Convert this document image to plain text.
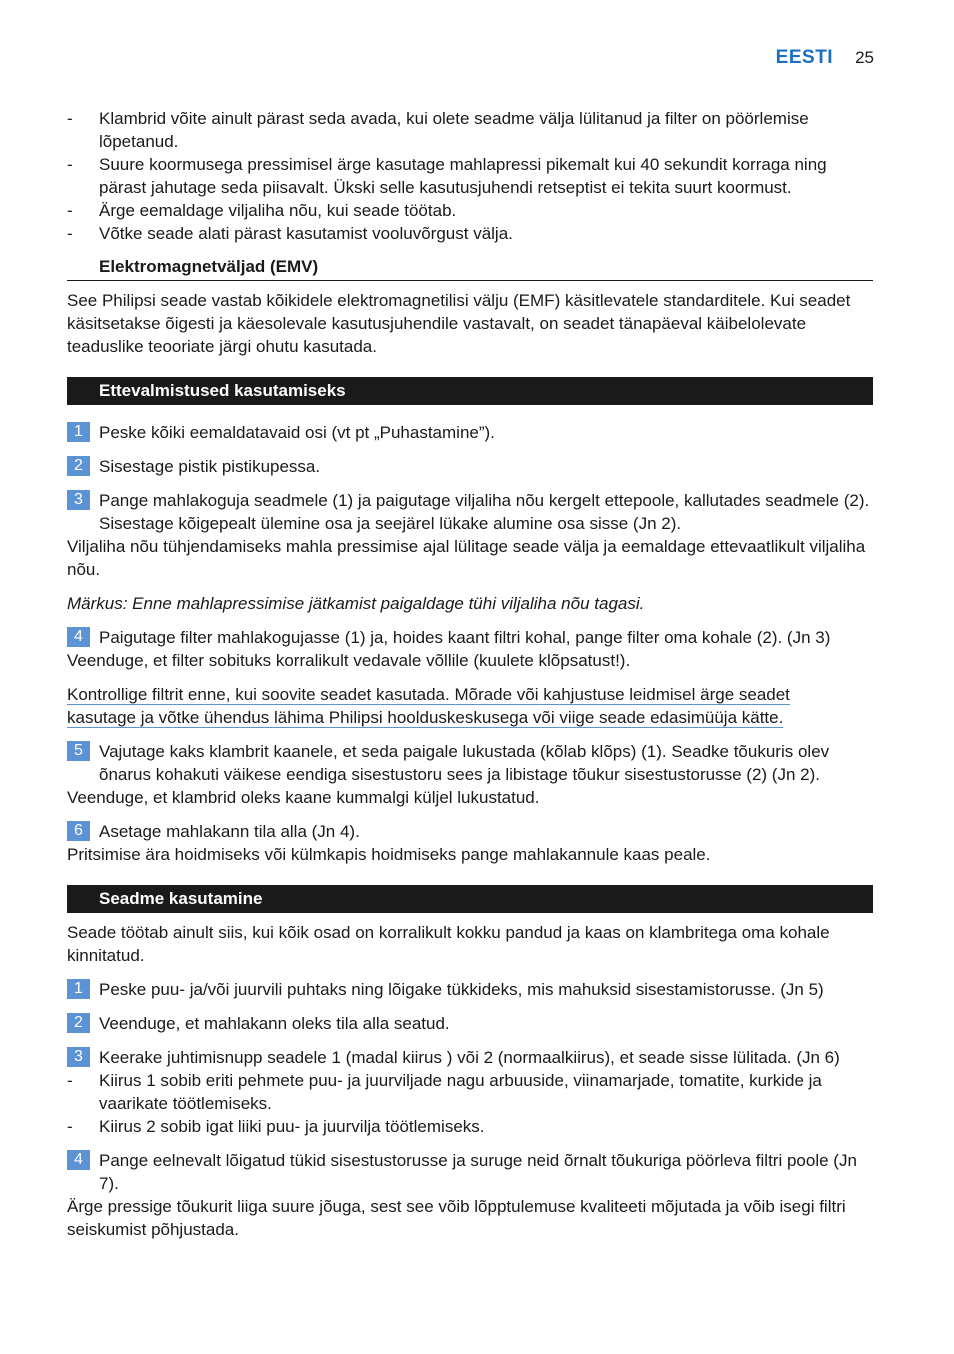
EESTI 25
- Klambrid võite ainult pärast seda avada, kui olete seadme välja lülitanud ja filter on pöörlemise lõpetanud.
- Suure koormusega pressimisel ärge kasutage mahlapressi pikemalt kui 40 sekundit korraga ning pärast jahutage seda piisavalt. Ükski selle kasutusjuhendi retseptist ei tekita suurt koormust.
- Ärge eemaldage viljaliha nõu, kui seade töötab.
- Võtke seade alati pärast kasutamist vooluvõrgust välja.
Elektromagnetväljad (EMV)
See Philipsi seade vastab kõikidele elektromagnetilisi välju (EMF) käsitlevatele standarditele. Kui seadet käsitsetakse õigesti ja käesolevale kasutusjuhendile vastavalt, on seadet tänapäeval käibelolevate teaduslike teooriate järgi ohutu kasutada.
Ettevalmistused kasutamiseks
1 Peske kõiki eemaldatavaid osi (vt pt „Puhastamine”).
2 Sisestage pistik pistikupessa.
3 Pange mahlakoguja seadmele (1) ja paigutage viljaliha nõu kergelt ettepoole, kallutades seadmele (2). Sisestage kõigepealt ülemine osa ja seejärel lükake alumine osa sisse (Jn 2).
Viljaliha nõu tühjendamiseks mahla pressimise ajal lülitage seade välja ja eemaldage ettevaatlikult viljaliha nõu.
Märkus: Enne mahlapressimise jätkamist paigaldage tühi viljaliha nõu tagasi.
4 Paigutage filter mahlakogujasse (1) ja, hoides kaant filtri kohal, pange filter oma kohale (2). (Jn 3)
Veenduge, et filter sobituks korralikult vedavale võllile (kuulete klõpsatust!).
Kontrollige filtrit enne, kui soovite seadet kasutada. Mõrade või kahjustuse leidmisel ärge seadet
kasutage ja võtke ühendus lähima Philipsi hoolduskeskusega või viige seade edasimüüja kätte.
5 Vajutage kaks klambrit kaanele, et seda paigale lukustada (kõlab klõps) (1). Seadke tõukuris olev õnarus kohakuti väikese eendiga sisestustoru sees ja libistage tõukur sisestustorusse (2) (Jn 2).
Veenduge, et klambrid oleks kaane kummalgi küljel lukustatud.
6 Asetage mahlakann tila alla (Jn 4).
Pritsimise ära hoidmiseks või külmkapis hoidmiseks pange mahlakannule kaas peale.
Seadme kasutamine
Seade töötab ainult siis, kui kõik osad on korralikult kokku pandud ja kaas on klambritega oma kohale kinnitatud.
1 Peske puu- ja/või juurvili puhtaks ning lõigake tükkideks, mis mahuksid sisestamistorusse. (Jn 5)
2 Veenduge, et mahlakann oleks tila alla seatud.
3 Keerake juhtimisnupp seadele 1 (madal kiirus ) või 2 (normaalkiirus), et seade sisse lülitada. (Jn 6)
- Kiirus 1 sobib eriti pehmete puu- ja juurviljade nagu arbuuside, viinamarjade, tomatite, kurkide ja vaarikate töötlemiseks.
- Kiirus 2 sobib igat liiki puu- ja juurvilja töötlemiseks.
4 Pange eelnevalt lõigatud tükid sisestustorusse ja suruge neid õrnalt tõukuriga pöörleva filtri poole (Jn 7).
Ärge pressige tõukurit liiga suure jõuga, sest see võib lõpptulemuse kvaliteeti mõjutada ja võib isegi filtri seiskumist põhjustada.
